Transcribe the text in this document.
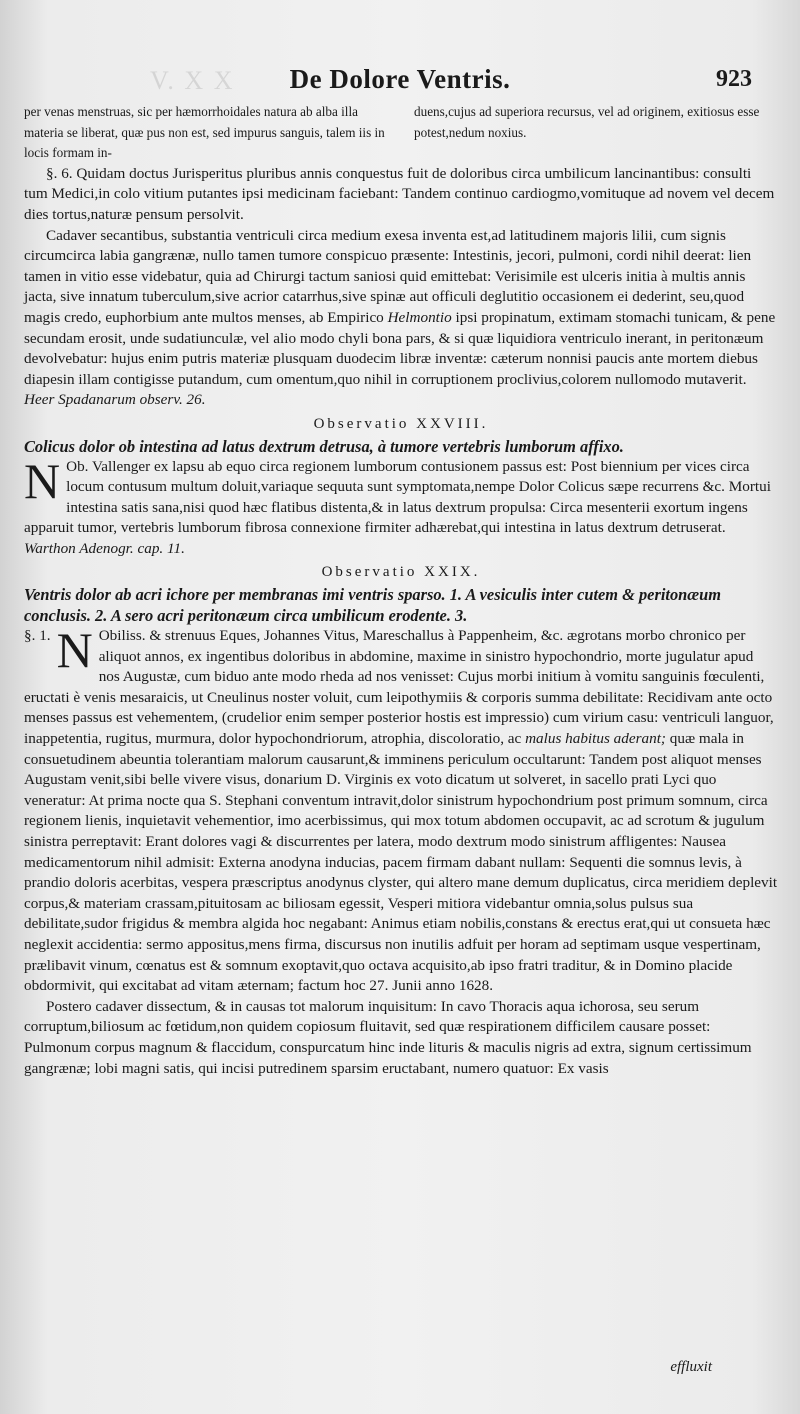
V. X X	De Dolore Ventris.	923
per venas menstruas, sic per hæmorrhoidales natura ab alba illa materia se liberat, quæ pus non est, sed impurus sanguis, talem iis in locis formam in-
duens,cujus ad superiora recursus, vel ad originem, exitiosus esse potest,nedum noxius.

§. 6. Quidam doctus Jurisperitus pluribus annis conquestus fuit de doloribus circa umbilicum lancinantibus: consulti tum Medici,in colo vitium putantes ipsi medicinam faciebant: Tandem continuo cardiogmo,vomituque ad novem vel decem dies tortus,naturæ pensum persolvit.

Cadaver secantibus, substantia ventriculi circa medium exesa inventa est,ad latitudinem majoris lilii, cum signis circumcirca labia gangrænæ, nullo tamen tumore conspicuo præsente: Intestinis, jecori, pulmoni, cordi nihil deerat: lien tamen in vitio esse videbatur, quia ad Chirurgi tactum saniosi quid emittebat: Verisimile est ulceris initia à multis annis jacta, sive innatum tuberculum,sive acrior catarrhus,sive spinæ aut officuli deglutitio occasionem ei dederint, seu,quod magis credo, euphorbium ante multos menses, ab Empirico Helmontio ipsi propinatum, extimam stomachi tunicam, & pene secundam erosit, unde sudatiunculæ, vel alio modo chyli bona pars, & si quæ liquidiora ventriculo inerant, in peritonæum devolvebatur: hujus enim putris materiæ plusquam duodecim libræ inventæ: cæterum nonnisi paucis ante mortem diebus diapesin illam contigisse putandum, cum omentum,quo nihil in corruptionem proclivius,colorem nullomodo mutaverit. Heer Spadanarum observ. 26.

Observatio XXVIII.

Colicus dolor ob intestina ad latus dextrum detrusa, à tumore vertebris lumborum affixo.

N Ob. Vallenger ex lapsu ab equo circa regionem lumborum contusionem passus est: Post biennium per vices circa locum contusum multum doluit,variaque sequuta sunt symptomata,nempe Dolor Colicus sæpe recurrens &c. Mortui intestina satis sana,nisi quod hæc flatibus distenta,& in latus dextrum propulsa: Circa mesenterii exortum ingens apparuit tumor, vertebris lumborum fibrosa connexione firmiter adhærebat,qui intestina in latus dextrum detruserat. Warthon Adenogr. cap. 11.

Observatio XXIX.

Ventris dolor ab acri ichore per membranas imi ventris sparso. 1. A vesiculis inter cutem & peritonæum conclusis. 2. A sero acri peritonæum circa umbilicum erodente. 3.

§. 1. N Obiliss. & strenuus Eques, Johannes Vitus, Mareschallus à Pappenheim, &c. ægrotans morbo chronico per aliquot annos, ex ingentibus doloribus in abdomine, maxime in sinistro hypochondrio, morte jugulatur apud nos Augustæ, cum biduo ante modo rheda ad nos venisset: Cujus morbi initium à vomitu sanguinis fœculenti, eructati è venis mesaraicis, ut Cneulinus noster voluit, cum leipothymiis & corporis summa debilitate: Recidivam ante octo menses passus est vehementem, (crudelior enim semper posterior hostis est impressio) cum virium casu: ventriculi languor, inappetentia, rugitus, murmura, dolor hypochondriorum, atrophia, discoloratio, ac malus habitus aderant; quæ mala in consuetudinem abeuntia tolerantiam malorum causarunt,& imminens periculum occultarunt: Tandem post aliquot menses Augustam venit,sibi belle vivere visus, donarium D. Virginis ex voto dicatum ut solveret, in sacello prati Lyci quo veneratur: At prima nocte qua S. Stephani conventum intravit,dolor sinistrum hypochondrium post primum somnum, circa regionem lienis, inquietavit vehementior, imo acerbissimus, qui mox totum abdomen occupavit, ac ad scrotum & jugulum sinistra perreptavit: Erant dolores vagi & discurrentes per latera, modo dextrum modo sinistrum affligentes: Nausea medicamentorum nihil admisit: Externa anodyna inducias, pacem firmam dabant nullam: Sequenti die somnus levis, à prandio doloris acerbitas, vespera præscriptus anodynus clyster, qui altero mane demum duplicatus, circa meridiem deplevit corpus,& materiam crassam,pituitosam ac biliosam egessit, Vesperi mitiora videbantur omnia,solus pulsus sua debilitate,sudor frigidus & membra algida hoc negabant: Animus etiam nobilis,constans & erectus erat,qui ut consueta hæc neglexit accidentia: sermo appositus,mens firma, discursus non inutilis adfuit per horam ad septimam usque vespertinam, prælibavit vinum, cœnatus est & somnum exoptavit,quo octava acquisito,ab ipso fratri traditur, & in Domino placide obdormivit, qui excitabat ad vitam æternam; factum hoc 27. Junii anno 1628.

Postero cadaver dissectum, & in causas tot malorum inquisitum: In cavo Thoracis aqua ichorosa, seu serum corruptum,biliosum ac fœtidum,non quidem copiosum fluitavit, sed quæ respirationem difficilem causare posset: Pulmonum corpus magnum & flaccidum, conspurcatum hinc inde lituris & maculis nigris ad extra, signum certissimum gangrænæ; lobi magni satis, qui incisi putredinem sparsim eructabant, numero quatuor: Ex vasis

effluxit
